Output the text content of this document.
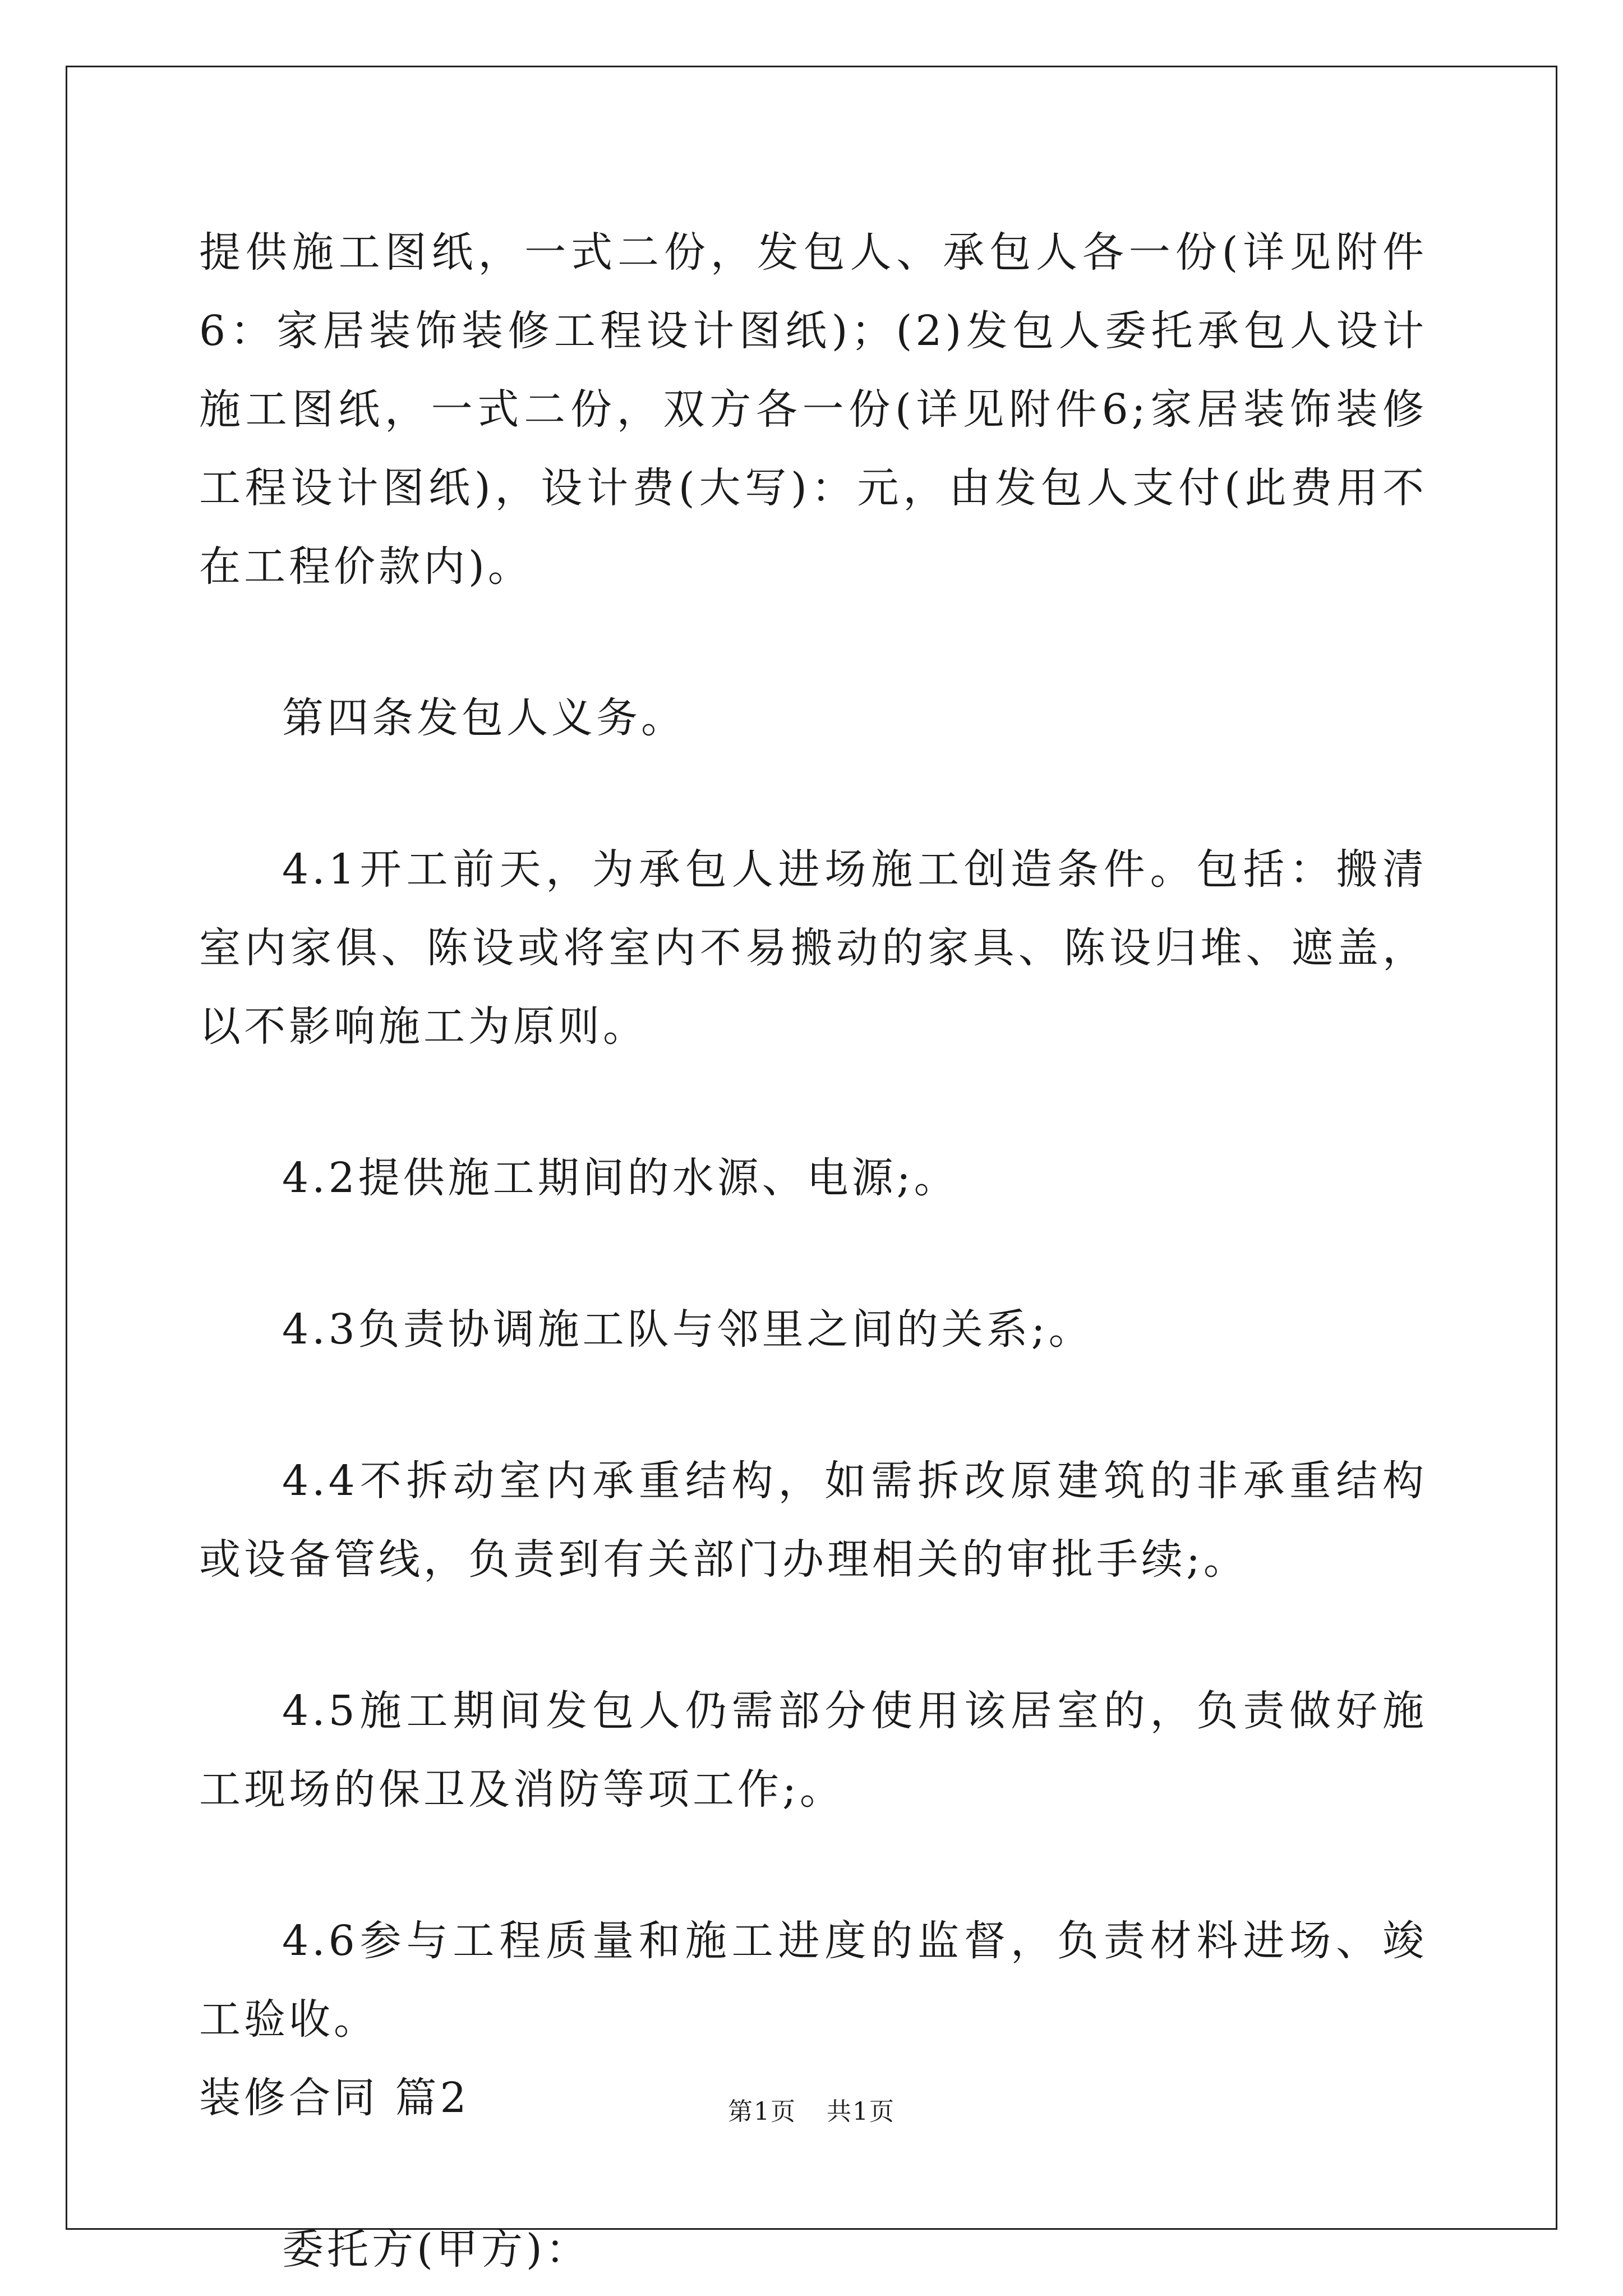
提供施工图纸，一式二份，发包人、承包人各一份(详见附件6：家居装饰装修工程设计图纸)；(2)发包人委托承包人设计施工图纸，一式二份，双方各一份(详见附件6;家居装饰装修工程设计图纸)，设计费(大写)：元，由发包人支付(此费用不在工程价款内)。

第四条发包人义务。

4.1开工前天，为承包人进场施工创造条件。包括：搬清室内家俱、陈设或将室内不易搬动的家具、陈设归堆、遮盖，以不影响施工为原则。

4.2提供施工期间的水源、电源;。

4.3负责协调施工队与邻里之间的关系;。

4.4不拆动室内承重结构，如需拆改原建筑的非承重结构或设备管线，负责到有关部门办理相关的审批手续;。

4.5施工期间发包人仍需部分使用该居室的，负责做好施工现场的保卫及消防等项工作;。

4.6参与工程质量和施工进度的监督，负责材料进场、竣工验收。

装修合同 篇2

委托方(甲方)：

第1页 共1页
